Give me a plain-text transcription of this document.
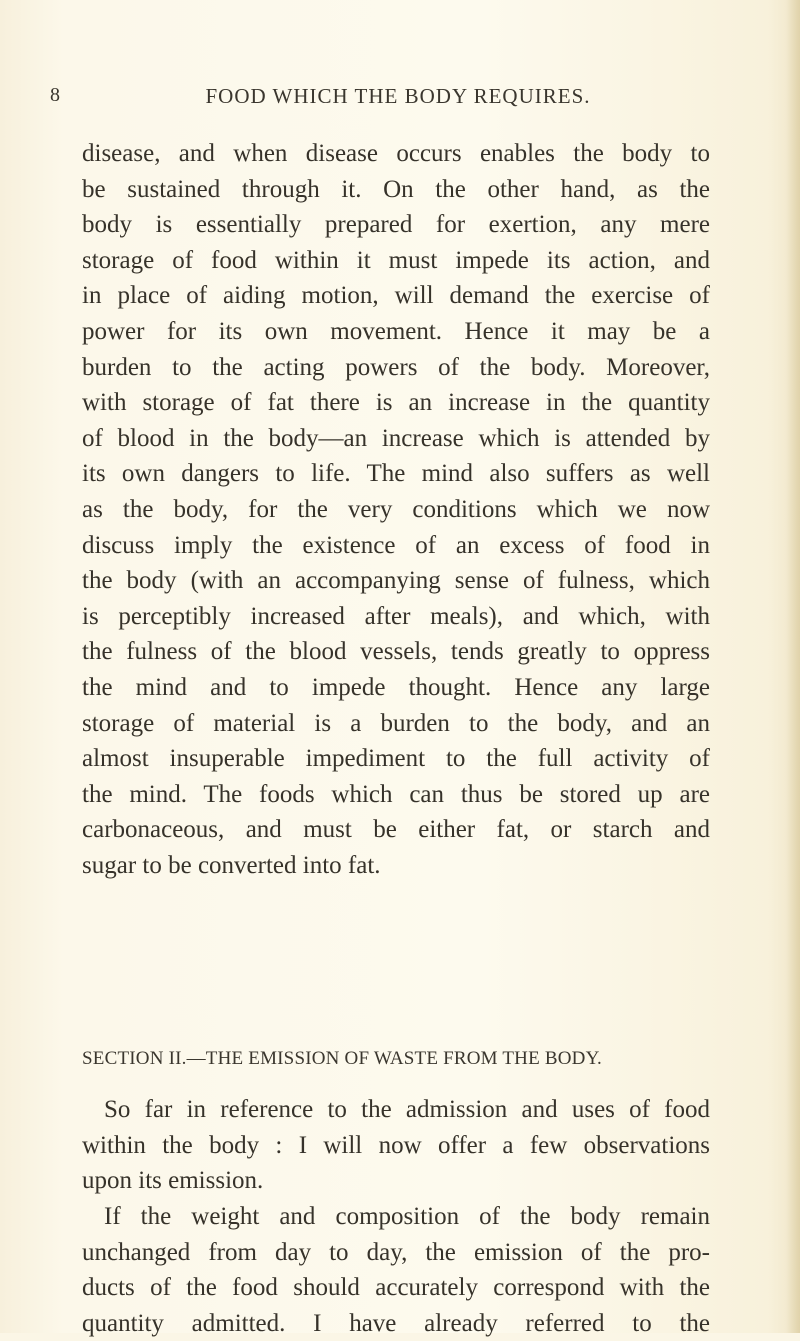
8	FOOD WHICH THE BODY REQUIRES.
disease, and when disease occurs enables the body to
be sustained through it. On the other hand, as the
body is essentially prepared for exertion, any mere
storage of food within it must impede its action, and
in place of aiding motion, will demand the exercise of
power for its own movement. Hence it may be a
burden to the acting powers of the body. Moreover,
with storage of fat there is an increase in the quantity
of blood in the body—an increase which is attended by
its own dangers to life. The mind also suffers as well
as the body, for the very conditions which we now
discuss imply the existence of an excess of food in
the body (with an accompanying sense of fulness, which
is perceptibly increased after meals), and which, with
the fulness of the blood vessels, tends greatly to oppress
the mind and to impede thought. Hence any large
storage of material is a burden to the body, and an
almost insuperable impediment to the full activity of
the mind. The foods which can thus be stored up are
carbonaceous, and must be either fat, or starch and
sugar to be converted into fat.
SECTION II.—THE EMISSION OF WASTE FROM THE BODY.
So far in reference to the admission and uses of food
within the body : I will now offer a few observations
upon its emission.
If the weight and composition of the body remain
unchanged from day to day, the emission of the pro-
ducts of the food should accurately correspond with the
quantity admitted. I have already referred to the
